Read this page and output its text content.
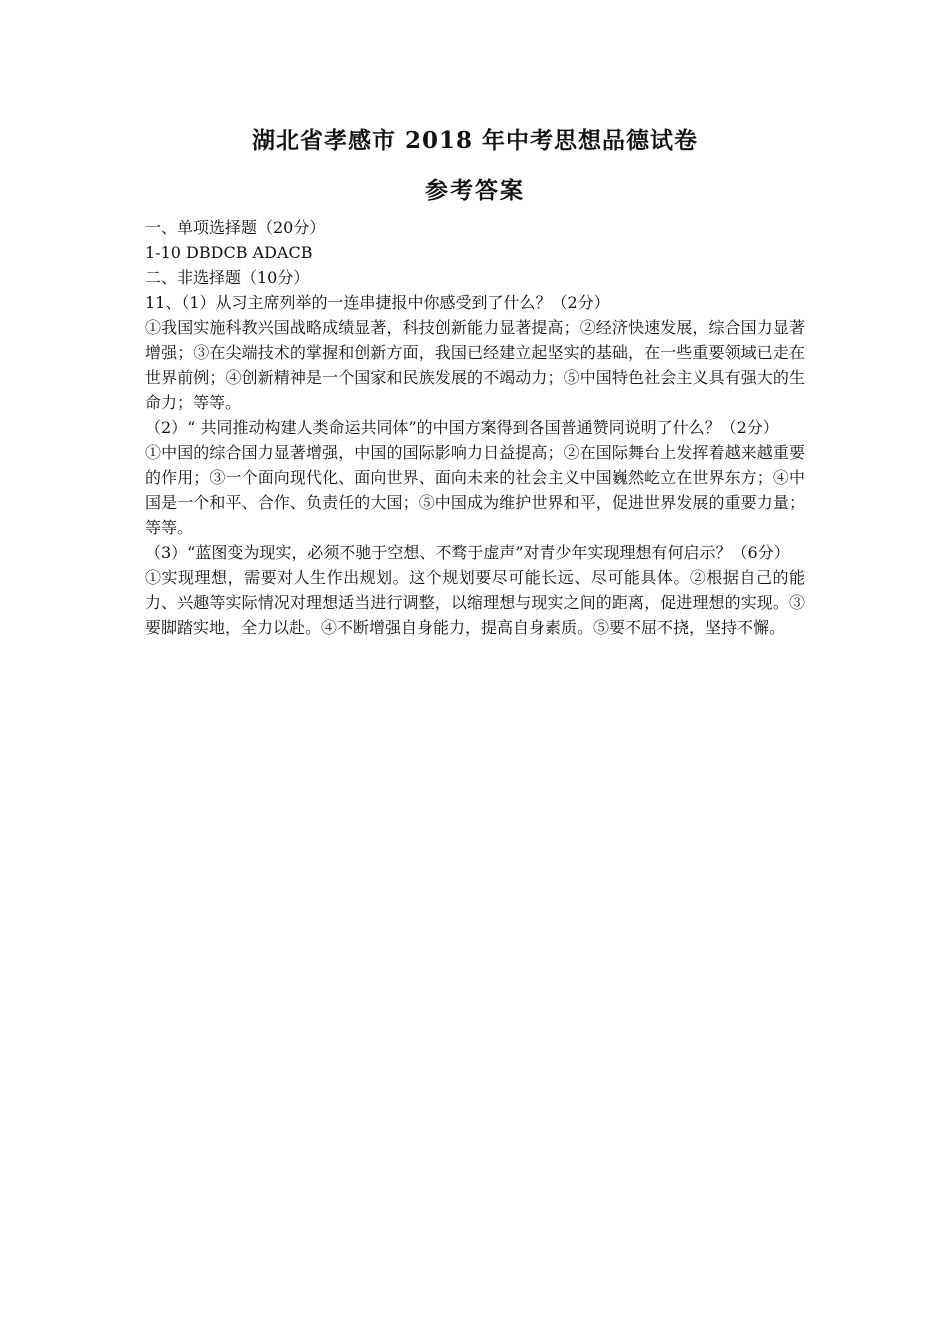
湖北省孝感市 2018 年中考思想品德试卷
参考答案

一、单项选择题（20分）

1-10 DBDCB ADACB

二、非选择题（10分）

11、（1）从习主席列举的一连串捷报中你感受到了什么？（2分）

①我国实施科教兴国战略成绩显著，科技创新能力显著提高；②经济快速发展，综合国力显著增强；③在尖端技术的掌握和创新方面，我国已经建立起坚实的基础，在一些重要领域已走在世界前例；④创新精神是一个国家和民族发展的不竭动力；⑤中国特色社会主义具有强大的生命力；等等。

（2）“ 共同推动构建人类命运共同体”的中国方案得到各国普通赞同说明了什么？（2分）

①中国的综合国力显著增强，中国的国际影响力日益提高；②在国际舞台上发挥着越来越重要的作用；③一个面向现代化、面向世界、面向未来的社会主义中国巍然屹立在世界东方；④中国是一个和平、合作、负责任的大国；⑤中国成为维护世界和平，促进世界发展的重要力量；等等。

（3）“蓝图变为现实，必须不驰于空想、不骛于虚声”对青少年实现理想有何启示？（6分）

①实现理想，需要对人生作出规划。这个规划要尽可能长远、尽可能具体。②根据自己的能力、兴趣等实际情况对理想适当进行调整，以缩理想与现实之间的距离，促进理想的实现。③要脚踏实地，全力以赴。④不断增强自身能力，提高自身素质。⑤要不屈不挠，坚持不懈。
